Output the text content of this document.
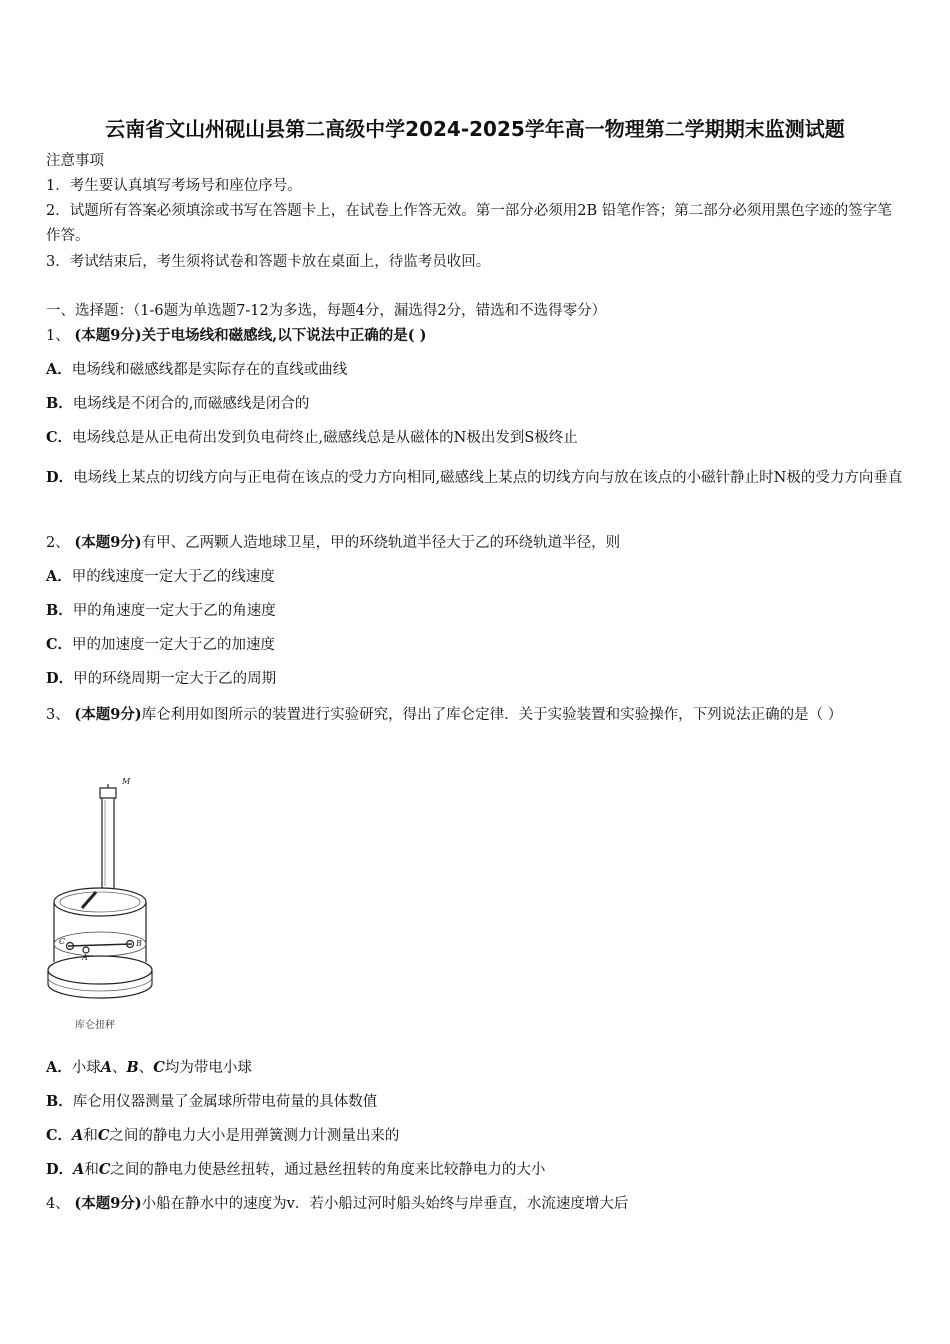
云南省文山州砚山县第二高级中学2024-2025学年高一物理第二学期期末监测试题
注意事项
1．考生要认真填写考场号和座位序号。
2．试题所有答案必须填涂或书写在答题卡上，在试卷上作答无效。第一部分必须用2B 铅笔作答；第二部分必须用黑色字迹的签字笔作答。
3．考试结束后，考生须将试卷和答题卡放在桌面上，待监考员收回。
一、选择题：（1-6题为单选题7-12为多选，每题4分，漏选得2分，错选和不选得零分）
1、 (本题9分)关于电场线和磁感线,以下说法中正确的是( )
A．电场线和磁感线都是实际存在的直线或曲线
B．电场线是不闭合的,而磁感线是闭合的
C．电场线总是从正电荷出发到负电荷终止,磁感线总是从磁体的N极出发到S极终止
D．电场线上某点的切线方向与正电荷在该点的受力方向相同,磁感线上某点的切线方向与放在该点的小磁针静止时N极的受力方向垂直
2、 (本题9分)有甲、乙两颗人造地球卫星，甲的环绕轨道半径大于乙的环绕轨道半径，则
A．甲的线速度一定大于乙的线速度
B．甲的角速度一定大于乙的角速度
C．甲的加速度一定大于乙的加速度
D．甲的环绕周期一定大于乙的周期
3、 (本题9分)库仑利用如图所示的装置进行实验研究，得出了库仑定律．关于实验装置和实验操作，下列说法正确的是（ ）
M
C
A
B
库仑扭秤
A．小球A、B、C均为带电小球
B．库仑用仪器测量了金属球所带电荷量的具体数值
C．A和C之间的静电力大小是用弹簧测力计测量出来的
D．A和C之间的静电力使悬丝扭转，通过悬丝扭转的角度来比较静电力的大小
4、 (本题9分)小船在静水中的速度为v．若小船过河时船头始终与岸垂直，水流速度增大后
